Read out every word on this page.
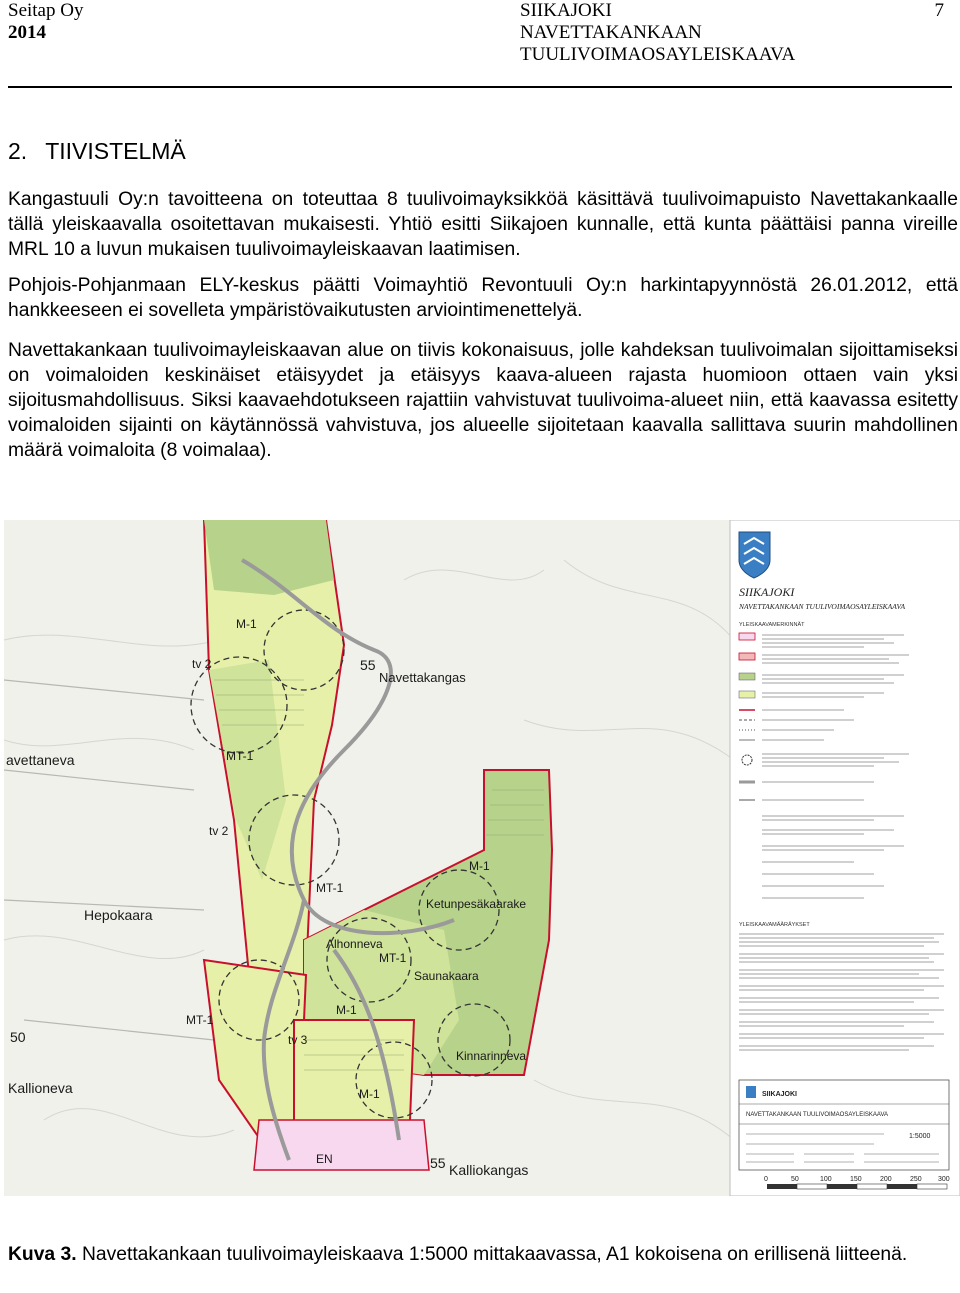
Seitap Oy
2014
SIIKAJOKI
NAVETTAKANKAAN
TUULIVOIMAOSAYLEISKAAVA
7
2. TIIVISTELMÄ

Kangastuuli Oy:n tavoitteena on toteuttaa 8 tuulivoimayksikköä käsittävä tuulivoimapuisto Navettakankaalle tällä yleiskaavalla osoitettavan mukaisesti. Yhtiö esitti Siikajoen kunnalle, että kunta päättäisi panna vireille MRL 10 a luvun mukaisen tuulivoimayleiskaavan laatimisen.

Pohjois-Pohjanmaan ELY-keskus päätti Voimayhtiö Revontuuli Oy:n harkintapyynnöstä 26.01.2012, että hankkeeseen ei sovelleta ympäristövaikutusten arviointimenettelyä.

Navettakankaan tuulivoimayleiskaavan alue on tiivis kokonaisuus, jolle kahdeksan tuulivoimalan sijoittamiseksi on voimaloiden keskinäiset etäisyydet ja etäisyys kaava-alueen rajasta huomioon ottaen vain yksi sijoitusmahdollisuus. Siksi kaavaehdotukseen rajattiin vahvistuvat tuulivoima-alueet niin, että kaavassa esitetty voimaloiden sijainti on käytännössä vahvistuva, jos alueelle sijoitetaan kaavalla sallittava suurin mahdollinen määrä voimaloita (8 voimalaa).

Navettakangas
avettaneva
Hepokaara
Ketunpesäkaarake
Alhonneva
Saunakaara
Kinnarinneva
Kallioneva
Kalliokangas
M-1
tv 2
MT-1
tv 2
M-1
MT-1
MT-1
M-1
tv 3
MT-1
M-1
EN
55
50
55
SIIKAJOKI
NAVETTAKANKAAN TUULIVOIMAOSAYLEISKAAVA
YLEISKAAVAMERKINNÄT
YLEISKAAVAMÄÄRÄYKSET
SIIKAJOKI
NAVETTAKANKAAN TUULIVOIMAOSAYLEISKAAVA
1:5000
0	50	100	150	200	250 300

Kuva 3. Navettakankaan tuulivoimayleiskaava 1:5000 mittakaavassa, A1 kokoisena on erillisenä liitteenä.
